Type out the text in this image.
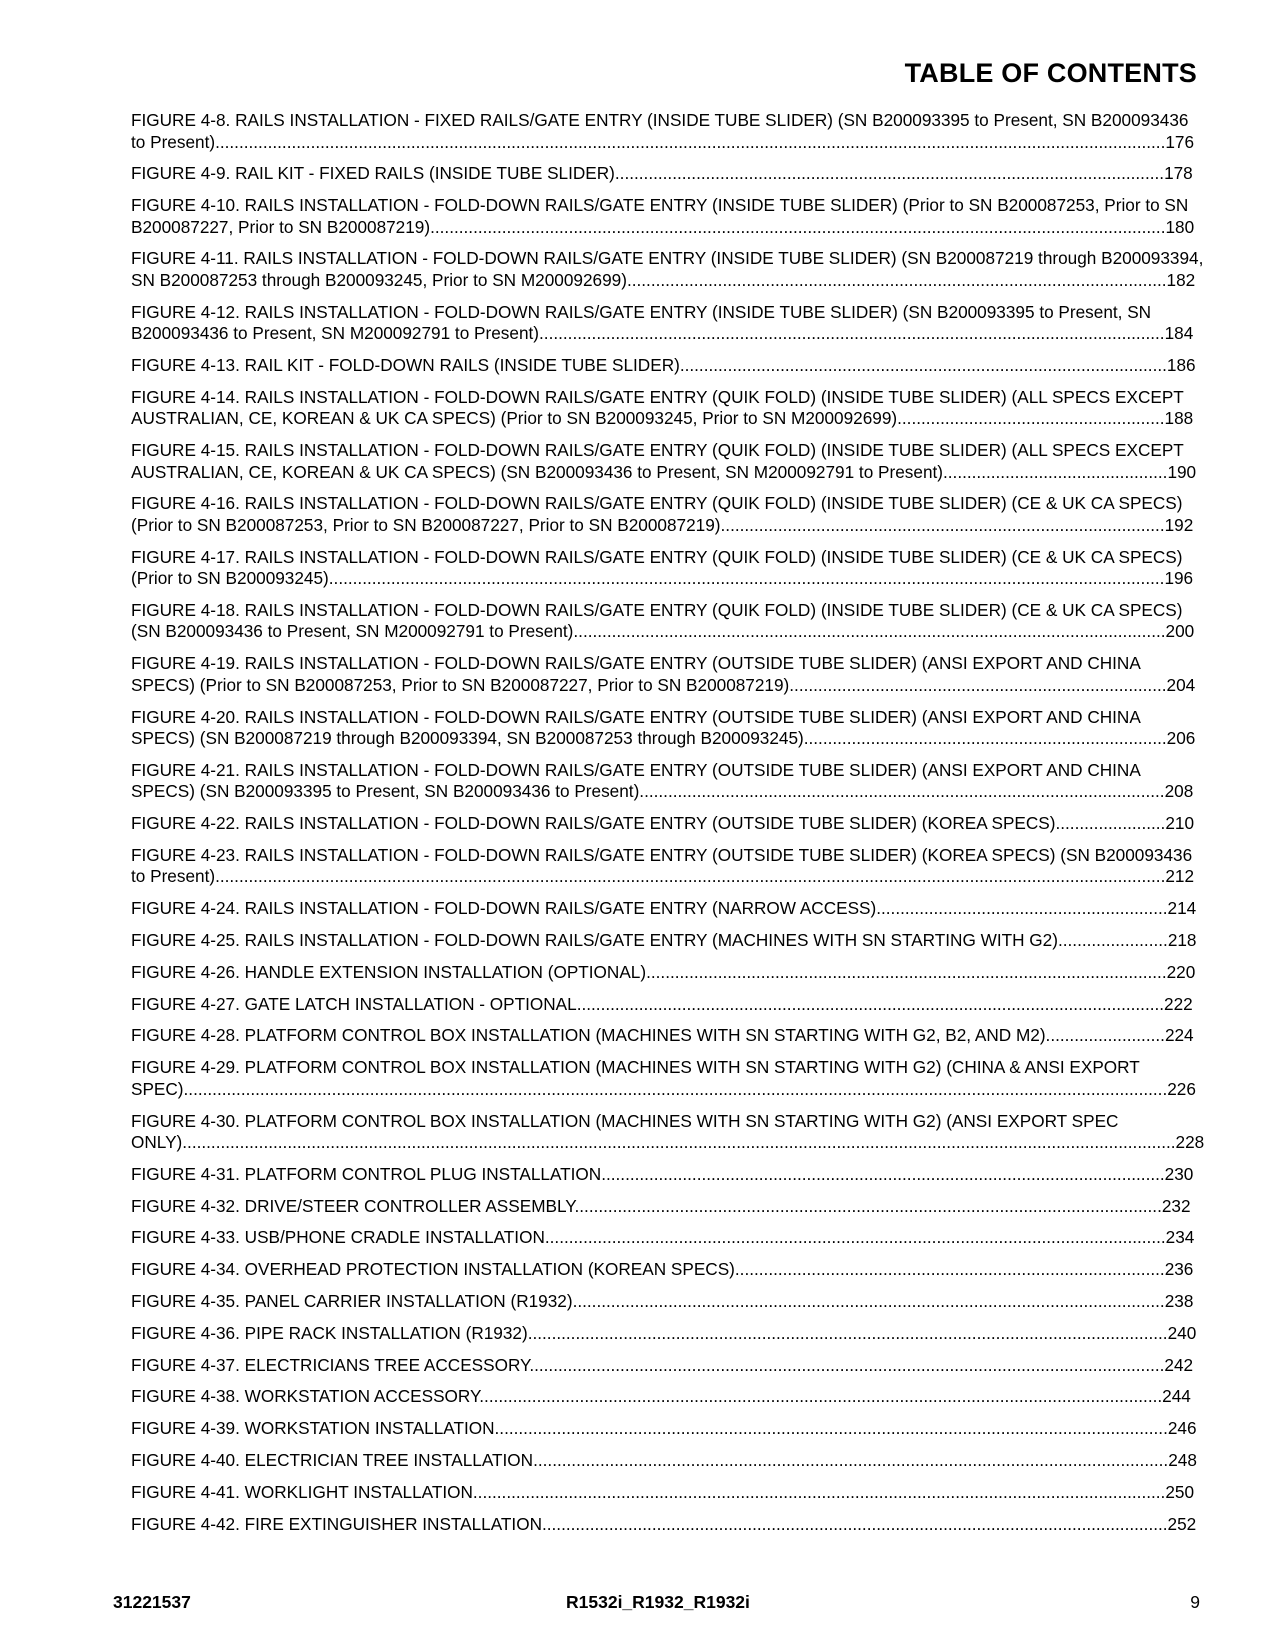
TABLE OF CONTENTS
FIGURE 4-8. RAILS INSTALLATION - FIXED RAILS/GATE ENTRY (INSIDE TUBE SLIDER) (SN B200093395 to Present, SN B200093436 to Present).......................................................................................................................................................................................................176
FIGURE 4-9. RAIL KIT - FIXED RAILS (INSIDE TUBE SLIDER)...................................................................................................................178
FIGURE 4-10. RAILS INSTALLATION - FOLD-DOWN RAILS/GATE ENTRY (INSIDE TUBE SLIDER) (Prior to SN B200087253, Prior to SN B200087227, Prior to SN B200087219)..........................................................................................................................................................180
FIGURE 4-11. RAILS INSTALLATION - FOLD-DOWN RAILS/GATE ENTRY (INSIDE TUBE SLIDER) (SN B200087219 through B200093394, SN B200087253 through B200093245, Prior to SN M200092699).................................................................................................................182
FIGURE 4-12. RAILS INSTALLATION - FOLD-DOWN RAILS/GATE ENTRY (INSIDE TUBE SLIDER) (SN B200093395 to Present, SN B200093436 to Present, SN M200092791 to Present)...................................................................................................................................184
FIGURE 4-13. RAIL KIT - FOLD-DOWN RAILS (INSIDE TUBE SLIDER)......................................................................................................186
FIGURE 4-14. RAILS INSTALLATION - FOLD-DOWN RAILS/GATE ENTRY (QUIK FOLD) (INSIDE TUBE SLIDER) (ALL SPECS EXCEPT AUSTRALIAN, CE, KOREAN & UK CA SPECS) (Prior to SN B200093245, Prior to SN M200092699)........................................................188
FIGURE 4-15. RAILS INSTALLATION - FOLD-DOWN RAILS/GATE ENTRY (QUIK FOLD) (INSIDE TUBE SLIDER) (ALL SPECS EXCEPT AUSTRALIAN, CE, KOREAN & UK CA SPECS) (SN B200093436 to Present, SN M200092791 to Present)...............................................190
FIGURE 4-16. RAILS INSTALLATION - FOLD-DOWN RAILS/GATE ENTRY (QUIK FOLD) (INSIDE TUBE SLIDER) (CE & UK CA SPECS) (Prior to SN B200087253, Prior to SN B200087227, Prior to SN B200087219).............................................................................................192
FIGURE 4-17. RAILS INSTALLATION - FOLD-DOWN RAILS/GATE ENTRY (QUIK FOLD) (INSIDE TUBE SLIDER) (CE & UK CA SPECS) (Prior to SN B200093245)...............................................................................................................................................................................196
FIGURE 4-18. RAILS INSTALLATION - FOLD-DOWN RAILS/GATE ENTRY (QUIK FOLD) (INSIDE TUBE SLIDER) (CE & UK CA SPECS) (SN B200093436 to Present, SN M200092791 to Present)............................................................................................................................200
FIGURE 4-19. RAILS INSTALLATION - FOLD-DOWN RAILS/GATE ENTRY (OUTSIDE TUBE SLIDER) (ANSI EXPORT AND CHINA SPECS) (Prior to SN B200087253, Prior to SN B200087227, Prior to SN B200087219)...............................................................................204
FIGURE 4-20. RAILS INSTALLATION - FOLD-DOWN RAILS/GATE ENTRY (OUTSIDE TUBE SLIDER) (ANSI EXPORT AND CHINA SPECS) (SN B200087219 through B200093394, SN B200087253 through B200093245)............................................................................206
FIGURE 4-21. RAILS INSTALLATION - FOLD-DOWN RAILS/GATE ENTRY (OUTSIDE TUBE SLIDER) (ANSI EXPORT AND CHINA SPECS) (SN B200093395 to Present, SN B200093436 to Present)..............................................................................................................208
FIGURE 4-22. RAILS INSTALLATION - FOLD-DOWN RAILS/GATE ENTRY (OUTSIDE TUBE SLIDER) (KOREA SPECS).......................210
FIGURE 4-23. RAILS INSTALLATION - FOLD-DOWN RAILS/GATE ENTRY (OUTSIDE TUBE SLIDER) (KOREA SPECS) (SN B200093436 to Present).......................................................................................................................................................................................................212
FIGURE 4-24. RAILS INSTALLATION - FOLD-DOWN RAILS/GATE ENTRY (NARROW ACCESS).............................................................214
FIGURE 4-25. RAILS INSTALLATION - FOLD-DOWN RAILS/GATE ENTRY (MACHINES WITH SN STARTING WITH G2).......................218
FIGURE 4-26. HANDLE EXTENSION INSTALLATION (OPTIONAL).............................................................................................................220
FIGURE 4-27. GATE LATCH INSTALLATION - OPTIONAL...........................................................................................................................222
FIGURE 4-28. PLATFORM CONTROL BOX INSTALLATION (MACHINES WITH SN STARTING WITH G2, B2, AND M2).........................224
FIGURE 4-29. PLATFORM CONTROL BOX INSTALLATION (MACHINES WITH SN STARTING WITH G2) (CHINA & ANSI EXPORT SPEC)..............................................................................................................................................................................................................226
FIGURE 4-30. PLATFORM CONTROL BOX INSTALLATION (MACHINES WITH SN STARTING WITH G2) (ANSI EXPORT SPEC ONLY)................................................................................................................................................................................................................228
FIGURE 4-31. PLATFORM CONTROL PLUG INSTALLATION......................................................................................................................230
FIGURE 4-32. DRIVE/STEER CONTROLLER ASSEMBLY...........................................................................................................................232
FIGURE 4-33. USB/PHONE CRADLE INSTALLATION..................................................................................................................................234
FIGURE 4-34. OVERHEAD PROTECTION INSTALLATION (KOREAN SPECS)..........................................................................................236
FIGURE 4-35. PANEL CARRIER INSTALLATION (R1932)............................................................................................................................238
FIGURE 4-36. PIPE RACK INSTALLATION (R1932)......................................................................................................................................240
FIGURE 4-37. ELECTRICIANS TREE ACCESSORY.....................................................................................................................................242
FIGURE 4-38. WORKSTATION ACCESSORY...............................................................................................................................................244
FIGURE 4-39. WORKSTATION INSTALLATION.............................................................................................................................................246
FIGURE 4-40. ELECTRICIAN TREE INSTALLATION.....................................................................................................................................248
FIGURE 4-41. WORKLIGHT INSTALLATION.................................................................................................................................................250
FIGURE 4-42. FIRE EXTINGUISHER INSTALLATION...................................................................................................................................252
31221537	R1532i_R1932_R1932i	9
